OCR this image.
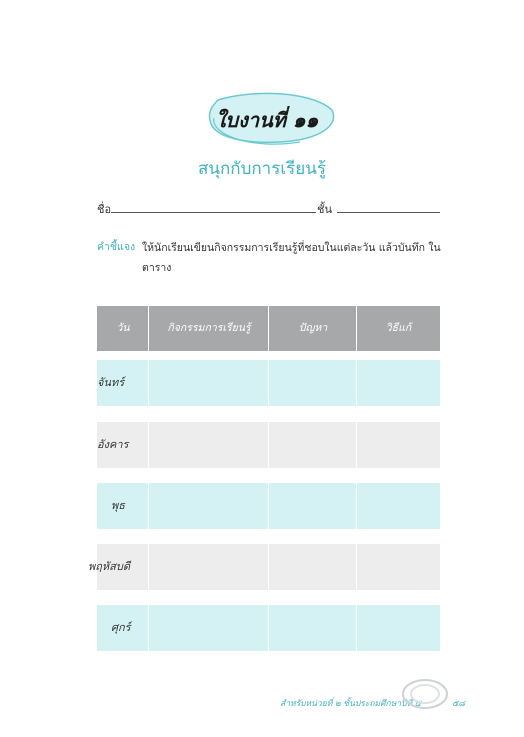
ใบงานที่ ๑๑
สนุกกับการเรียนรู้
ชื่อ	ชั้น
คำชี้แจง ให้นักเรียนเขียนกิจกรรมการเรียนรู้ที่ชอบในแต่ละวัน แล้วบันทึก ในตาราง
วัน	กิจกรรมการเรียนรู้	ปัญหา	วิธีแก้
จันทร์
อังคาร
พุธ
พฤหัสบดี
ศุกร์
สำหรับหน่วยที่ ๒ ชั้นประถมศึกษาปีที่ ๕	๕๘
